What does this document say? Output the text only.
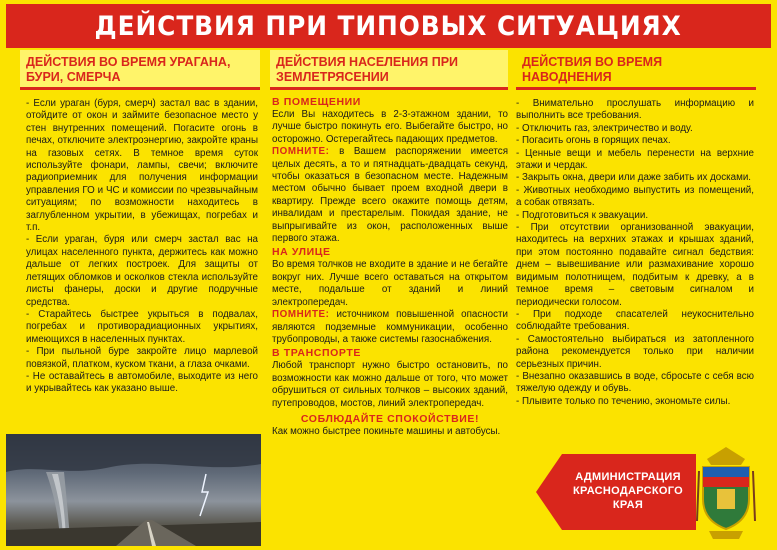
ДЕЙСТВИЯ ПРИ ТИПОВЫХ СИТУАЦИЯХ
ДЕЙСТВИЯ ВО ВРЕМЯ УРАГАНА, БУРИ, СМЕРЧА
- Если ураган (буря, смерч) застал вас в здании, отойдите от окон и займите безопасное место у стен внутренних помещений. Погасите огонь в печах, отключите электроэнергию, закройте краны на газовых сетях. В темное время суток используйте фонари, лампы, свечи; включите радиоприемник для получения информации управления ГО и ЧС и комиссии по чрезвычайным ситуациям; по возможности находитесь в заглубленном укрытии, в убежищах, погребах и т.п.
- Если ураган, буря или смерч застал вас на улицах населенного пункта, держитесь как можно дальше от легких построек. Для защиты от летящих обломков и осколков стекла используйте листы фанеры, доски и другие подручные средства.
- Старайтесь быстрее укрыться в подвалах, погребах и противорадиационных укрытиях, имеющихся в населенных пунктах.
- При пыльной буре закройте лицо марлевой повязкой, платком, куском ткани, а глаза очками.
- Не оставайтесь в автомобиле, выходите из него и укрывайтесь как указано выше.
ДЕЙСТВИЯ НАСЕЛЕНИЯ ПРИ ЗЕМЛЕТРЯСЕНИИ
В ПОМЕЩЕНИИ
Если Вы находитесь в 2-3-этажном здании, то лучше быстро покинуть его. Выбегайте быстро, но осторожно. Остерегайтесь падающих предметов.
ПОМНИТЕ: в Вашем распоряжении имеется целых десять, а то и пятнадцать-двадцать секунд, чтобы оказаться в безопасном месте. Надежным местом обычно бывает проем входной двери в квартиру. Прежде всего окажите помощь детям, инвалидам и престарелым. Покидая здание, не выпрыгивайте из окон, расположенных выше первого этажа.
НА УЛИЦЕ
Во время толчков не входите в здание и не бегайте вокруг них. Лучше всего оставаться на открытом месте, подальше от зданий и линий электропередач.
ПОМНИТЕ: источником повышенной опасности являются подземные коммуникации, особенно трубопроводы, а также системы газоснабжения.
В ТРАНСПОРТЕ
Любой транспорт нужно быстро остановить, по возможности как можно дальше от того, что может обрушиться от сильных толчков – высоких зданий, путепроводов, мостов, линий электропередач.
СОБЛЮДАЙТЕ СПОКОЙСТВИЕ!
Как можно быстрее покиньте машины и автобусы.
ДЕЙСТВИЯ ВО ВРЕМЯ НАВОДНЕНИЯ
- Внимательно прослушать информацию и выполнить все требования.
- Отключить газ, электричество и воду.
- Погасить огонь в горящих печах.
- Ценные вещи и мебель перенести на верхние этажи и чердак.
- Закрыть окна, двери или даже забить их досками.
- Животных необходимо выпустить из помещений, а собак отвязать.
- Подготовиться к эвакуации.
- При отсутствии организованной эвакуации, находитесь на верхних этажах и крышах зданий, при этом постоянно подавайте сигнал бедствия: днем – вывешивание или размахивание хорошо видимым полотнищем, подбитым к древку, а в темное время – световым сигналом и периодически голосом.
- При подходе спасателей неукоснительно соблюдайте требования.
- Самостоятельно выбираться из затопленного района рекомендуется только при наличии серьезных причин.
- Внезапно оказавшись в воде, сбросьте с себя всю тяжелую одежду и обувь.
- Плывите только по течению, экономьте силы.
АДМИНИСТРАЦИЯ КРАСНОДАРСКОГО КРАЯ
